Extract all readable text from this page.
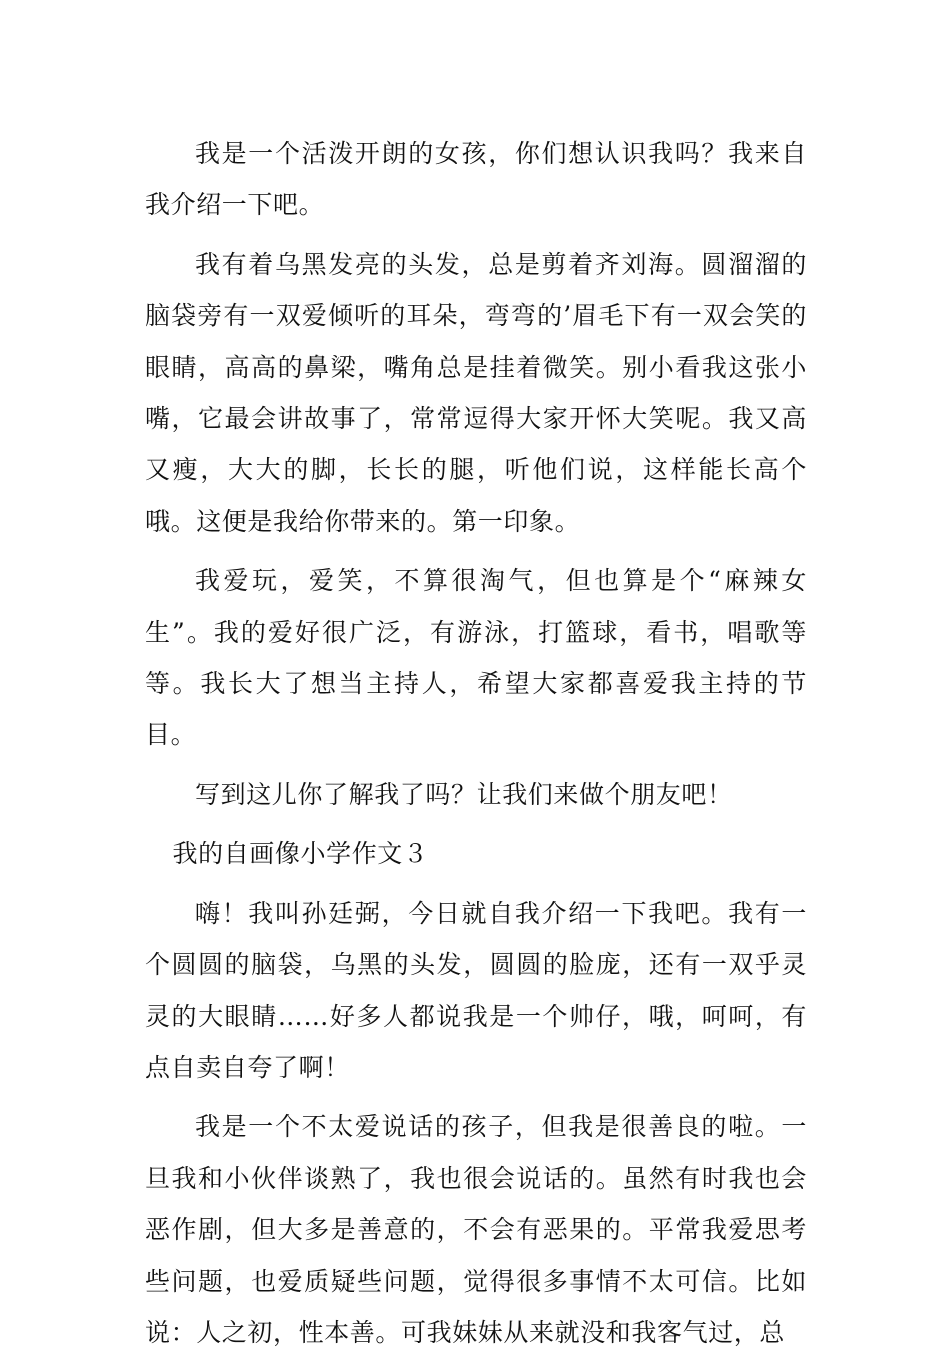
我是一个活泼开朗的女孩，你们想认识我吗？我来自我介绍一下吧。

我有着乌黑发亮的头发，总是剪着齐刘海。圆溜溜的脑袋旁有一双爱倾听的耳朵，弯弯的’眉毛下有一双会笑的眼睛，高高的鼻梁，嘴角总是挂着微笑。别小看我这张小嘴，它最会讲故事了，常常逗得大家开怀大笑呢。我又高又瘦，大大的脚，长长的腿，听他们说，这样能长高个哦。这便是我给你带来的。第一印象。

我爱玩，爱笑，不算很淘气，但也算是个“麻辣女生”。我的爱好很广泛，有游泳，打篮球，看书，唱歌等等。我长大了想当主持人，希望大家都喜爱我主持的节目。

写到这儿你了解我了吗？让我们来做个朋友吧！

我的自画像小学作文３

嗨！我叫孙廷弼，今日就自我介绍一下我吧。我有一个圆圆的脑袋，乌黑的头发，圆圆的脸庞，还有一双乎灵灵的大眼睛……好多人都说我是一个帅仔，哦，呵呵，有点自卖自夸了啊！

我是一个不太爱说话的孩子，但我是很善良的啦。一旦我和小伙伴谈熟了，我也很会说话的。虽然有时我也会恶作剧，但大多是善意的，不会有恶果的。平常我爱思考些问题，也爱质疑些问题，觉得很多事情不太可信。比如说：人之初，性本善。可我妹妹从来就没和我客气过，总
